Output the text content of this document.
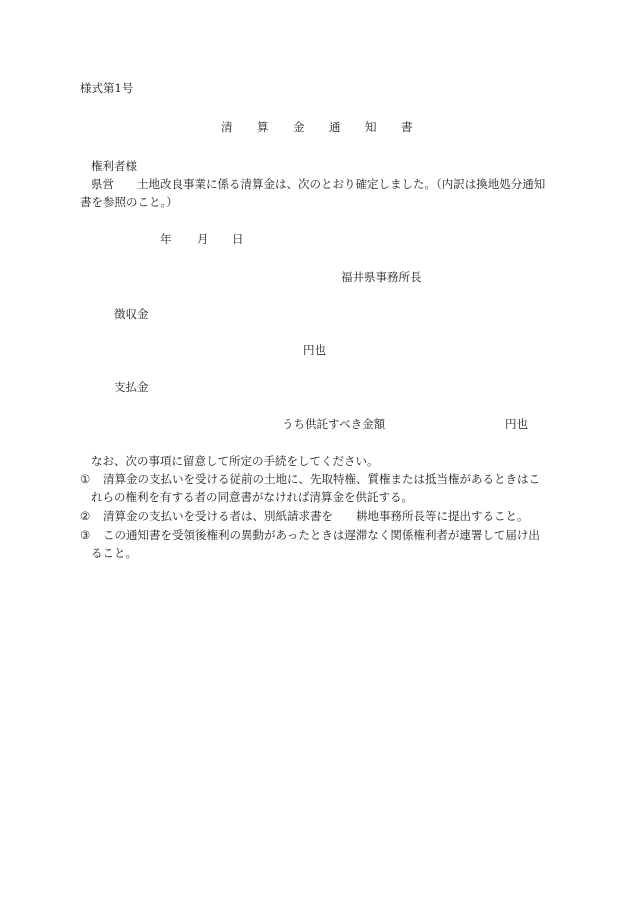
様式第1号
清 算 金 通 知 書
権利者様
県営　　土地改良事業に係る清算金は、次のとおり確定しました。（内訳は換地処分通知
書を参照のこと。）
年 月 日
福井県事務所長
徴収金
円也
支払金
うち供託すべき金額	円也
なお、次の事項に留意して所定の手続をしてください。
① 清算金の支払いを受ける従前の土地に、先取特権、質権または抵当権があるときはこ
れらの権利を有する者の同意書がなければ清算金を供託する。
② 清算金の支払いを受ける者は、別紙請求書を　　耕地事務所長等に提出すること。
③ この通知書を受領後権利の異動があったときは遅滞なく関係権利者が連署して届け出
ること。
